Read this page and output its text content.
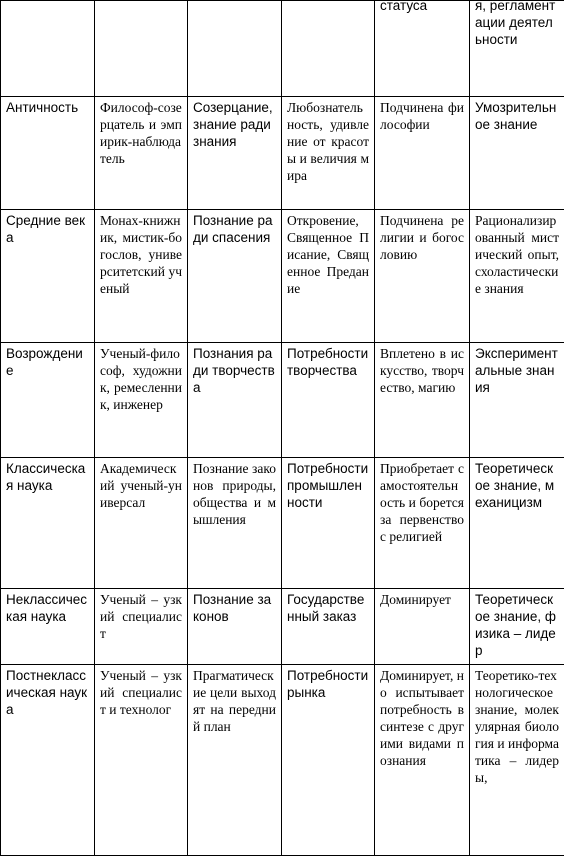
				статуса	я, регламентации деятельности

Античность	Философ-созерцатель и эмпирик-наблюдатель	Созерцание, знание ради знания	Любознательность, удивление от красоты и величия мира	Подчинена философии	Умозрительное знание

Средние века	Монах-книжник, мистик-богослов, университетский ученый	Познание ради спасения	Откровение, Священное Писание, Священное Предание	Подчинена религии и богословию	Рационализированный мистический опыт, схоластические знания

Возрождение	Ученый-философ, художник, ремесленник, инженер	Познания ради творчества	Потребности творчества	Вплетено в искусство, творчество, магию	Экспериментальные знания

Классическая наука	Академический ученый-универсал	Познание законов природы, общества и мышления	Потребности промышленности	Приобретает самостоятельность и борется за первенство с религией	Теоретическое знание, механицизм

Неклассическая наука	Ученый – узкий специалист	Познание законов	Государственный заказ	Доминирует	Теоретическое знание, физика – лидер

Постнеклассическая наука	Ученый – узкий специалист и технолог	Прагматические цели выходят на передний план	Потребности рынка	Доминирует, но испытывает потребность в синтезе с другими видами познания	Теоретико-технологическое знание, молекулярная биология и информатика – лидеры,
